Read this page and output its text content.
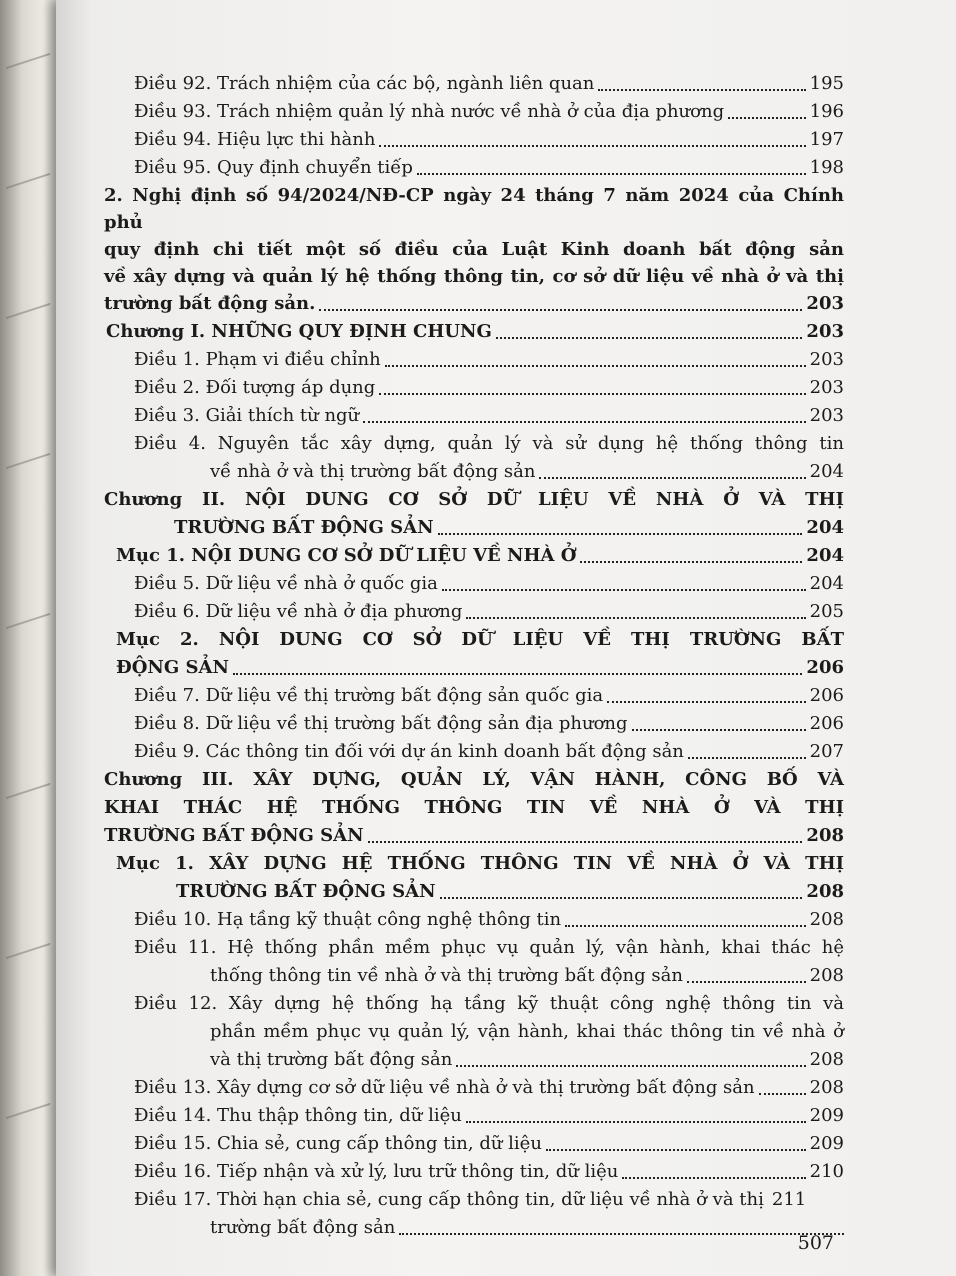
Điều 92. Trách nhiệm của các bộ, ngành liên quan	195
Điều 93. Trách nhiệm quản lý nhà nước về nhà ở của địa phương	196
Điều 94. Hiệu lực thi hành	197
Điều 95. Quy định chuyển tiếp	198
2. Nghị định số 94/2024/NĐ-CP ngày 24 tháng 7 năm 2024 của Chính phủ
quy định chi tiết một số điều của Luật Kinh doanh bất động sản
về xây dựng và quản lý hệ thống thông tin, cơ sở dữ liệu về nhà ở và thị
trường bất động sản.	203
Chương I. NHỮNG QUY ĐỊNH CHUNG	203
Điều 1. Phạm vi điều chỉnh	203
Điều 2. Đối tượng áp dụng	203
Điều 3. Giải thích từ ngữ	203
Điều 4. Nguyên tắc xây dựng, quản lý và sử dụng hệ thống thông tin
về nhà ở và thị trường bất động sản	204
Chương II. NỘI DUNG CƠ SỞ DỮ LIỆU VỀ NHÀ Ở VÀ THỊ
TRƯỜNG BẤT ĐỘNG SẢN	204
Mục 1. NỘI DUNG CƠ SỞ DỮ LIỆU VỀ NHÀ Ở	204
Điều 5. Dữ liệu về nhà ở quốc gia	204
Điều 6. Dữ liệu về nhà ở địa phương	205
Mục 2. NỘI DUNG CƠ SỞ DỮ LIỆU VỀ THỊ TRƯỜNG BẤT
ĐỘNG SẢN	206
Điều 7. Dữ liệu về thị trường bất động sản quốc gia	206
Điều 8. Dữ liệu về thị trường bất động sản địa phương	206
Điều 9. Các thông tin đối với dự án kinh doanh bất động sản	207
Chương III. XÂY DỰNG, QUẢN LÝ, VẬN HÀNH, CÔNG BỐ VÀ
KHAI THÁC HỆ THỐNG THÔNG TIN VỀ NHÀ Ở VÀ THỊ
TRƯỜNG BẤT ĐỘNG SẢN	208
Mục 1. XÂY DỰNG HỆ THỐNG THÔNG TIN VỀ NHÀ Ở VÀ THỊ
TRƯỜNG BẤT ĐỘNG SẢN	208
Điều 10. Hạ tầng kỹ thuật công nghệ thông tin	208
Điều 11. Hệ thống phần mềm phục vụ quản lý, vận hành, khai thác hệ
thống thông tin về nhà ở và thị trường bất động sản	208
Điều 12. Xây dựng hệ thống hạ tầng kỹ thuật công nghệ thông tin và
phần mềm phục vụ quản lý, vận hành, khai thác thông tin về nhà ở
và thị trường bất động sản	208
Điều 13. Xây dựng cơ sở dữ liệu về nhà ở và thị trường bất động sản	208
Điều 14. Thu thập thông tin, dữ liệu	209
Điều 15. Chia sẻ, cung cấp thông tin, dữ liệu	209
Điều 16. Tiếp nhận và xử lý, lưu trữ thông tin, dữ liệu	210
Điều 17. Thời hạn chia sẻ, cung cấp thông tin, dữ liệu về nhà ở và thị 211
trường bất động sản
507
